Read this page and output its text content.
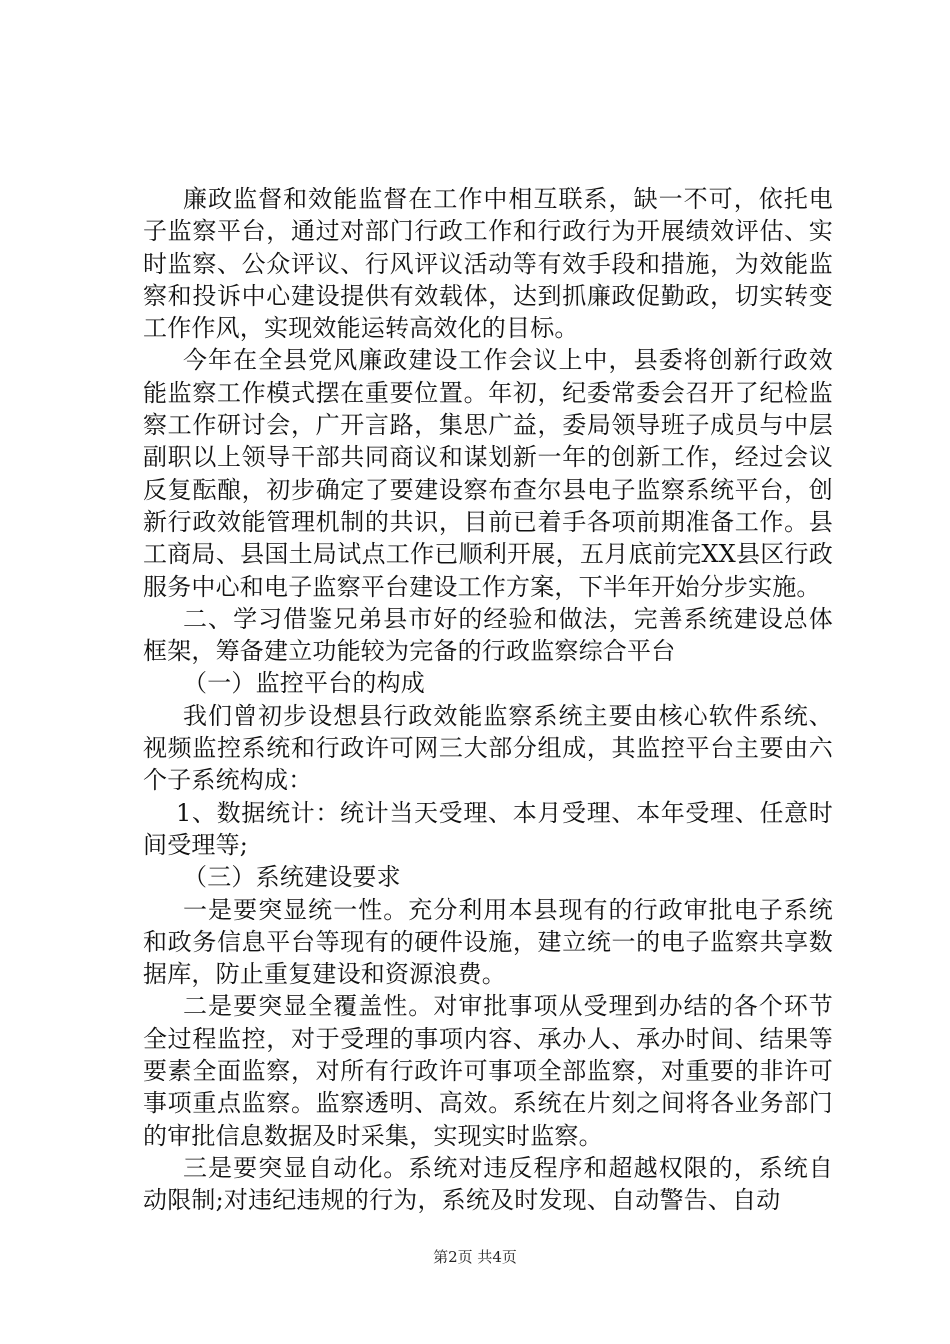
廉政监督和效能监督在工作中相互联系，缺一不可，依托电子监察平台，通过对部门行政工作和行政行为开展绩效评估、实时监察、公众评议、行风评议活动等有效手段和措施，为效能监察和投诉中心建设提供有效载体，达到抓廉政促勤政，切实转变工作作风，实现效能运转高效化的目标。

今年在全县党风廉政建设工作会议上中，县委将创新行政效能监察工作模式摆在重要位置。年初，纪委常委会召开了纪检监察工作研讨会，广开言路，集思广益，委局领导班子成员与中层副职以上领导干部共同商议和谋划新一年的创新工作，经过会议反复酝酿，初步确定了要建设察布查尔县电子监察系统平台，创新行政效能管理机制的共识，目前已着手各项前期准备工作。县工商局、县国土局试点工作已顺利开展，五月底前完XX县区行政服务中心和电子监察平台建设工作方案，下半年开始分步实施。

二、学习借鉴兄弟县市好的经验和做法，完善系统建设总体框架，筹备建立功能较为完备的行政监察综合平台

（一）监控平台的构成

我们曾初步设想县行政效能监察系统主要由核心软件系统、视频监控系统和行政许可网三大部分组成，其监控平台主要由六个子系统构成：

1、数据统计：统计当天受理、本月受理、本年受理、任意时间受理等;

（三）系统建设要求

一是要突显统一性。充分利用本县现有的行政审批电子系统和政务信息平台等现有的硬件设施，建立统一的电子监察共享数据库，防止重复建设和资源浪费。

二是要突显全覆盖性。对审批事项从受理到办结的各个环节全过程监控，对于受理的事项内容、承办人、承办时间、结果等要素全面监察，对所有行政许可事项全部监察，对重要的非许可事项重点监察。监察透明、高效。系统在片刻之间将各业务部门的审批信息数据及时采集，实现实时监察。

三是要突显自动化。系统对违反程序和超越权限的，系统自动限制;对违纪违规的行为，系统及时发现、自动警告、自动

第2页 共4页
